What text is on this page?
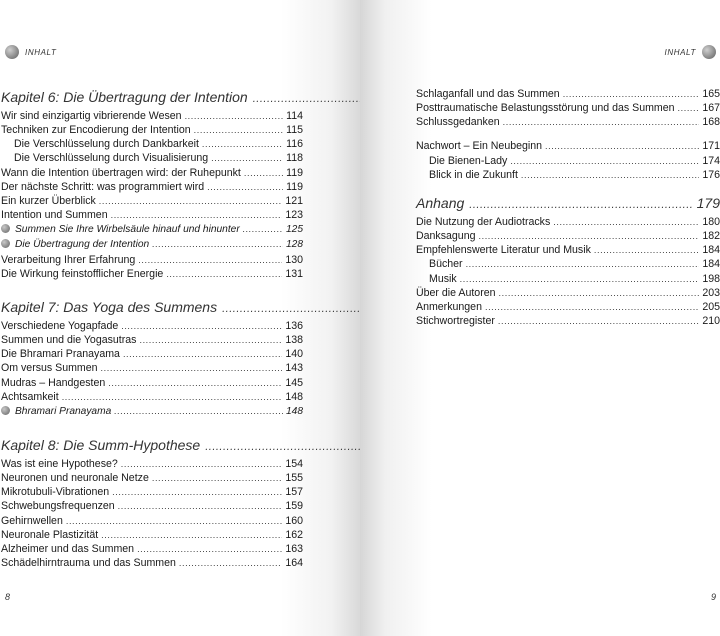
INHALT
Kapitel 6: Die Übertragung der Intention
.....
Wir sind einzigartig vibrierende Wesen .....	114
Techniken zur Encodierung der Intention .....	115
Die Verschlüsselung durch Dankbarkeit .....	116
Die Verschlüsselung durch Visualisierung .....	118
Wann die Intention übertragen wird: der Ruhepunkt .....	119
Der nächste Schritt: was programmiert wird .....	119
Ein kurzer Überblick .....	121
Intention und Summen .....	123
Summen Sie Ihre Wirbelsäule hinauf und hinunter .....	125
Die Übertragung der Intention .....	128
Verarbeitung Ihrer Erfahrung .....	130
Die Wirkung feinstofflicher Energie .....	131
Kapitel 7: Das Yoga des Summens
.....
Verschiedene Yogapfade .....	136
Summen und die Yogasutras .....	138
Die Bhramari Pranayama .....	140
Om versus Summen .....	143
Mudras – Handgesten .....	145
Achtsamkeit .....	148
Bhramari Pranayama .....	148
Kapitel 8: Die Summ-Hypothese
.....
Was ist eine Hypothese? .....	154
Neuronen und neuronale Netze .....	155
Mikrotubuli-Vibrationen .....	157
Schwebungsfrequenzen .....	159
Gehirnwellen .....	160
Neuronale Plastizität .....	162
Alzheimer und das Summen .....	163
Schädelhirntrauma und das Summen .....	164
8
INHALT
Schlaganfall und das Summen .....	165
Posttraumatische Belastungsstörung und das Summen .....	167
Schlussgedanken .....	168
Nachwort – Ein Neubeginn .....	171
Die Bienen-Lady .....	174
Blick in die Zukunft .....	176
Anhang .....	179
Die Nutzung der Audiotracks .....	180
Danksagung .....	182
Empfehlenswerte Literatur und Musik .....	184
Bücher .....	184
Musik .....	198
Über die Autoren .....	203
Anmerkungen .....	205
Stichwortregister .....	210
9
